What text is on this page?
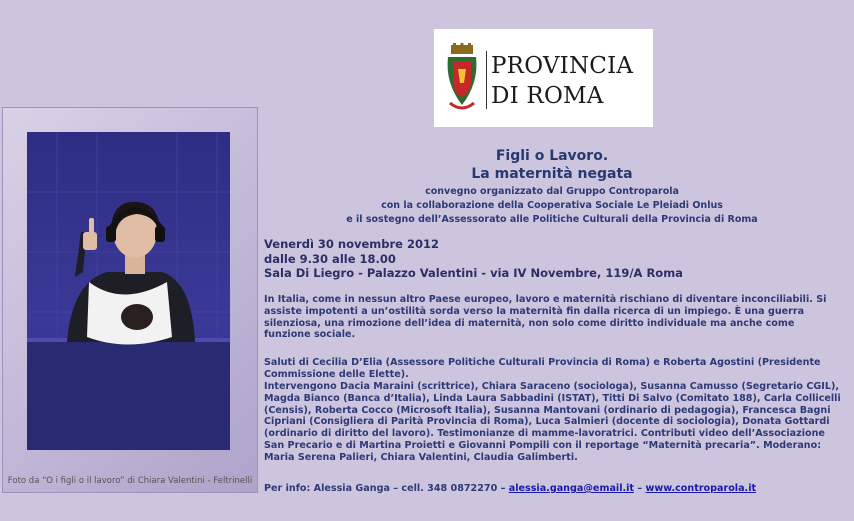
PROVINCIA
DI ROMA
Foto da “O i figli o il lavoro” di Chiara Valentini - Feltrinelli
Figli o Lavoro.
La maternità negata
convegno organizzato dal Gruppo Controparola
con la collaborazione della Cooperativa Sociale Le Pleiadi Onlus
e il sostegno dell’Assessorato alle Politiche Culturali della Provincia di Roma
Venerdì 30 novembre 2012
dalle 9.30 alle 18.00
Sala Di Liegro - Palazzo Valentini - via IV Novembre, 119/A Roma
In Italia, come in nessun altro Paese europeo, lavoro e maternità rischiano di diventare inconciliabili. Si assiste impotenti a un’ostilità sorda verso la maternità fin dalla ricerca di un impiego. È una guerra silenziosa, una rimozione dell’idea di maternità, non solo come diritto individuale ma anche come funzione sociale.
Saluti di Cecilia D’Elia (Assessore Politiche Culturali Provincia di Roma) e Roberta Agostini (Presidente Commissione delle Elette).
Intervengono Dacia Maraini (scrittrice), Chiara Saraceno (sociologa), Susanna Camusso (Segretario CGIL), Magda Bianco (Banca d’Italia), Linda Laura Sabbadini (ISTAT), Titti Di Salvo (Comitato 188), Carla Collicelli (Censis), Roberta Cocco (Microsoft Italia), Susanna Mantovani (ordinario di pedagogia), Francesca Bagni Cipriani (Consigliera di Parità Provincia di Roma), Luca Salmieri (docente di sociologia), Donata Gottardi (ordinario di diritto del lavoro). Testimonianze di mamme-lavoratrici. Contributi video dell’Associazione San Precario e di Martina Proietti e Giovanni Pompili con il reportage “Maternità precaria”. Moderano: Maria Serena Palieri, Chiara Valentini, Claudia Galimberti.
Per info: Alessia Ganga – cell. 348 0872270 – alessia.ganga@email.it – www.controparola.it
